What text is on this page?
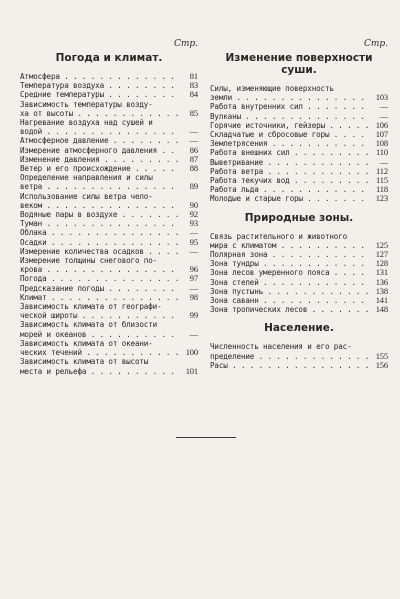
Стр.
Погода и климат.
Атмосфера . . .	81
Температура воздуха . . .	83
Средние температуры . . .	84
Зависимость температуры возду-
ха от высоты . . .	85
Нагревание воздуха над сушей и
водой . . .	—
Атмосферное давление . . .	—
Измерение атмосферного давления . . .	86
Изменение давления . . .	87
Ветер и его происхождение . . .	88
Определение направления и силы
ветра . . .	89
Использование силы ветра чело-
веком . . .	90
Водяные пары в воздухе . . .	92
Туман . . .	93
Облака . . .	—
Осадки . . .	95
Измерение количества осадков . . .	—
Измерение толщины снегового по-
крова . . .	96
Погода . . .	97
Предсказание погоды . . .	—
Климат . . .	98
Зависимость климата от географи-
ческой широты . . .	99
Зависимость климата от близости
морей и океанов . . .	—
Зависимость климата от океани-
ческих течений . . .	100
Зависимость климата от высоты
места и рельефа . . .	101
Стр.
Изменение поверхности
суши.
Силы, изменяющие поверхность
земли . . .	103
Работа внутренних сил . . .	—
Вулканы . . .	—
Горячие источники, гейзеры . . .	106
Складчатые и сбросовые горы . . .	107
Землетрясения . . .	108
Работа внешних сил . . .	110
Выветривание . . .	—
Работа ветра . . .	112
Работа текучих вод . . .	115
Работа льда . . .	118
Молодые и старые горы . . .	123
Природные зоны.
Связь растительного и животного
мира с климатом . . .	125
Полярная зона . . .	127
Зона тундры . . .	128
Зона лесов умеренного пояса . . .	131
Зона степей . . .	136
Зона пустынь . . .	138
Зона саванн . . .	141
Зона тропических лесов . . .	148
Население.
Численность населения и его рас-
пределение . . .	155
Расы . . .	156
